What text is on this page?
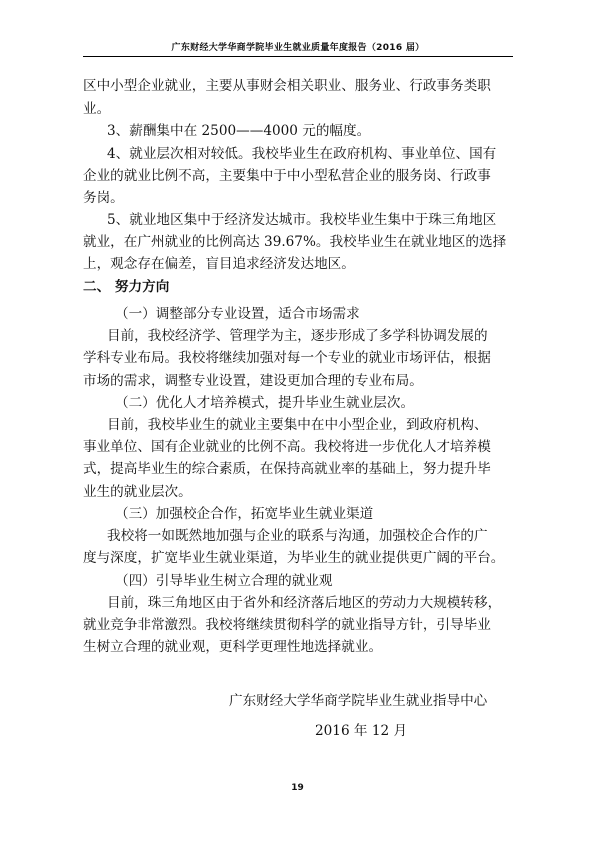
广东财经大学华商学院毕业生就业质量年度报告（2016 届）
区中小型企业就业，主要从事财会相关职业、服务业、行政事务类职
业。
3、薪酬集中在 2500——4000 元的幅度。
4、就业层次相对较低。我校毕业生在政府机构、事业单位、国有
企业的就业比例不高，主要集中于中小型私营企业的服务岗、行政事
务岗。
5、就业地区集中于经济发达城市。我校毕业生集中于珠三角地区
就业，在广州就业的比例高达 39.67%。我校毕业生在就业地区的选择
上，观念存在偏差，盲目追求经济发达地区。
二、 努力方向
（一）调整部分专业设置，适合市场需求
目前，我校经济学、管理学为主，逐步形成了多学科协调发展的
学科专业布局。我校将继续加强对每一个专业的就业市场评估，根据
市场的需求，调整专业设置，建设更加合理的专业布局。
（二）优化人才培养模式，提升毕业生就业层次。
目前，我校毕业生的就业主要集中在中小型企业，到政府机构、
事业单位、国有企业就业的比例不高。我校将进一步优化人才培养模
式，提高毕业生的综合素质，在保持高就业率的基础上，努力提升毕
业生的就业层次。
（三）加强校企合作，拓宽毕业生就业渠道
我校将一如既然地加强与企业的联系与沟通，加强校企合作的广
度与深度，扩宽毕业生就业渠道，为毕业生的就业提供更广阔的平台。
（四）引导毕业生树立合理的就业观
目前，珠三角地区由于省外和经济落后地区的劳动力大规模转移，
就业竞争非常激烈。我校将继续贯彻科学的就业指导方针，引导毕业
生树立合理的就业观，更科学更理性地选择就业。
广东财经大学华商学院毕业生就业指导中心
2016 年 12 月
19
